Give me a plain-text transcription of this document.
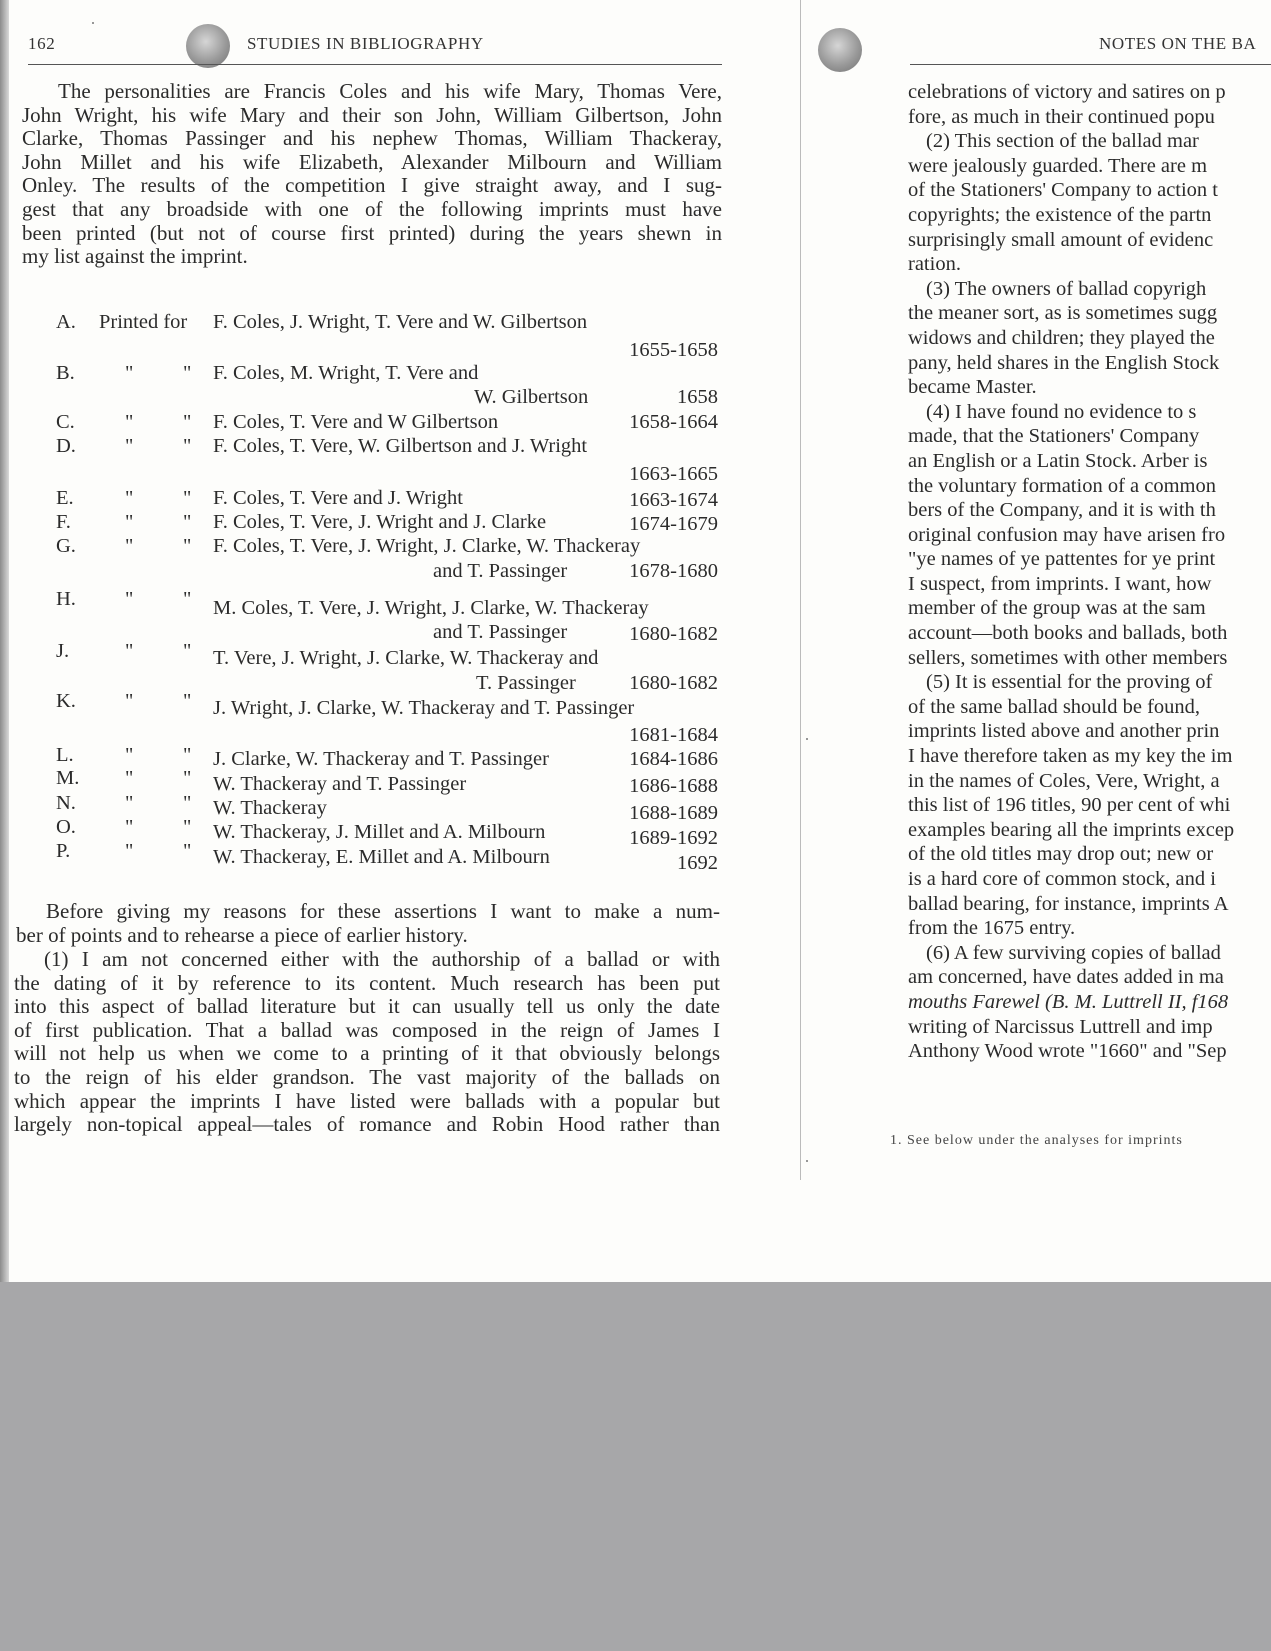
162	STUDIES IN BIBLIOGRAPHY
The personalities are Francis Coles and his wife Mary, Thomas Vere,
John Wright, his wife Mary and their son John, William Gilbertson, John
Clarke, Thomas Passinger and his nephew Thomas, William Thackeray,
John Millet and his wife Elizabeth, Alexander Milbourn and William
Onley. The results of the competition I give straight away, and I sug-
gest that any broadside with one of the following imprints must have
been printed (but not of course first printed) during the years shewn in
my list against the imprint.
A. Printed for F. Coles, J. Wright, T. Vere and W. Gilbertson
1655-1658
B. " " F. Coles, M. Wright, T. Vere and
W. Gilbertson	1658
C. " " F. Coles, T. Vere and W Gilbertson	1658-1664
D. " " F. Coles, T. Vere, W. Gilbertson and J. Wright
1663-1665
E.	" " F. Coles, T. Vere and J. Wright	1663-1674
F.	" " F. Coles, T. Vere, J. Wright and J. Clarke	1674-1679
G. " " F. Coles, T. Vere, J. Wright, J. Clarke, W. Thackeray
and T. Passinger	1678-1680
H. " " M. Coles, T. Vere, J. Wright, J. Clarke, W. Thackeray
and T. Passinger	1680-1682
J.	" " T. Vere, J. Wright, J. Clarke, W. Thackeray and
T. Passinger	1680-1682
K. " " J. Wright, J. Clarke, W. Thackeray and T. Passinger
1681-1684
L.	" " J. Clarke, W. Thackeray and T. Passinger	1684-1686
M. " " W. Thackeray and T. Passinger	1686-1688
N. " " W. Thackeray	1688-1689
O. " " W. Thackeray, J. Millet and A. Milbourn	1689-1692
P.	" " W. Thackeray, E. Millet and A. Milbourn	1692
Before giving my reasons for these assertions I want to make a num-
ber of points and to rehearse a piece of earlier history.
(1) I am not concerned either with the authorship of a ballad or with
the dating of it by reference to its content. Much research has been put
into this aspect of ballad literature but it can usually tell us only the date
of first publication. That a ballad was composed in the reign of James I
will not help us when we come to a printing of it that obviously belongs
to the reign of his elder grandson. The vast majority of the ballads on
which appear the imprints I have listed were ballads with a popular but
largely non-topical appeal—tales of romance and Robin Hood rather than
NOTES ON THE BA
celebrations of victory and satires on p
fore, as much in their continued popu
(2) This section of the ballad mar
were jealously guarded. There are m
of the Stationers' Company to action t
copyrights; the existence of the partn
surprisingly small amount of evidenc
ration.
(3) The owners of ballad copyrigh
the meaner sort, as is sometimes sugg
widows and children; they played the
pany, held shares in the English Stock
became Master.
(4) I have found no evidence to s
made, that the Stationers' Company
an English or a Latin Stock. Arber is
the voluntary formation of a common
bers of the Company, and it is with th
original confusion may have arisen fro
"ye names of ye pattentes for ye print
I suspect, from imprints. I want, how
member of the group was at the sam
account—both books and ballads, both
sellers, sometimes with other members
(5) It is essential for the proving of
of the same ballad should be found,
imprints listed above and another prin
I have therefore taken as my key the im
in the names of Coles, Vere, Wright, a
this list of 196 titles, 90 per cent of whi
examples bearing all the imprints excep
of the old titles may drop out; new or
is a hard core of common stock, and i
ballad bearing, for instance, imprints A
from the 1675 entry.
(6) A few surviving copies of ballad
am concerned, have dates added in ma
mouths Farewel (B. M. Luttrell II, f168
writing of Narcissus Luttrell and imp
Anthony Wood wrote "1660" and "Sep
1. See below under the analyses for imprints
